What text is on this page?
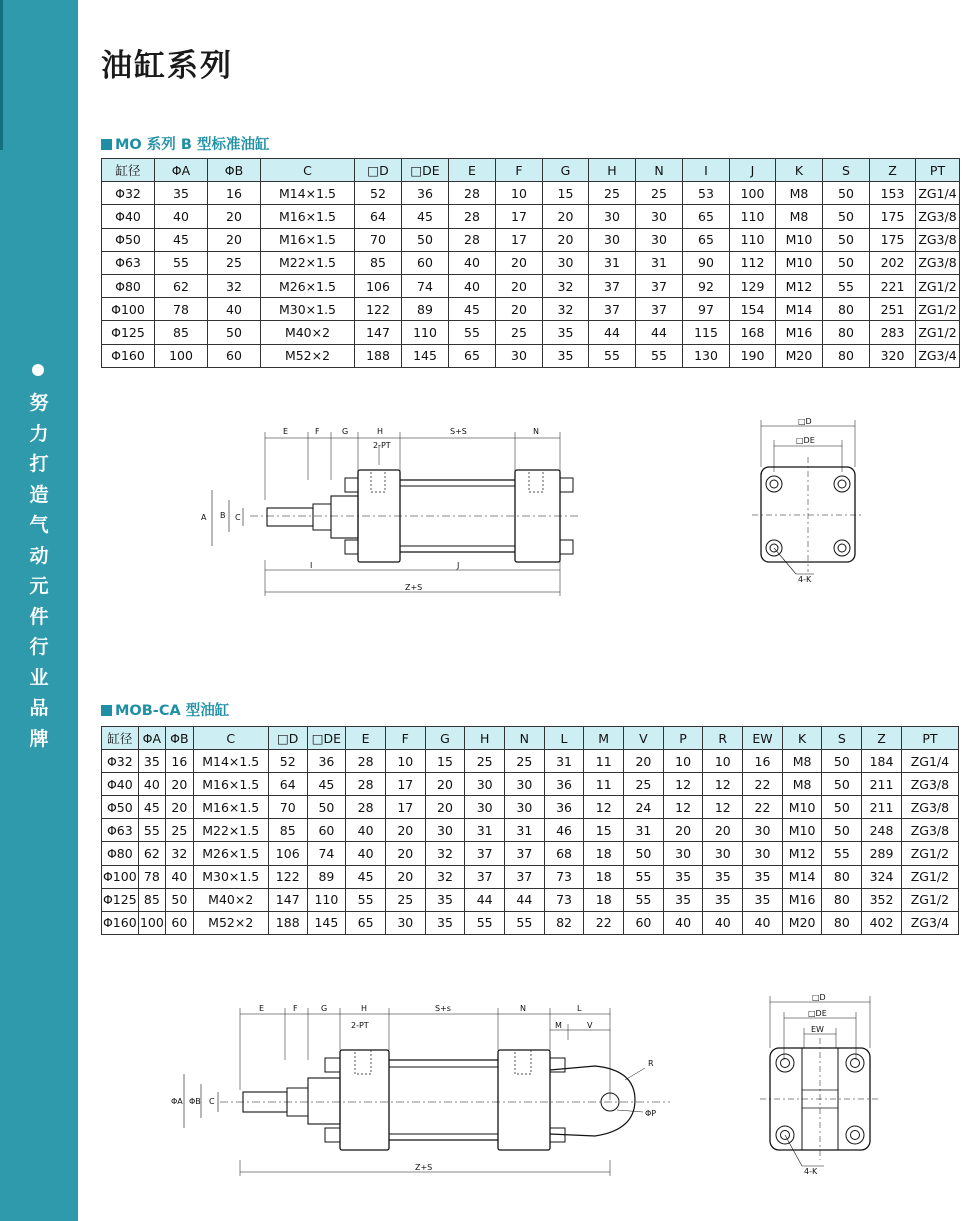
努力打造气动元件行业品牌
油缸系列
MO 系列 B 型标准油缸
缸径	ΦA	ΦB	C	□D	□DE	E	F	G	H	N	I	J	K	S	Z	PT
Φ32	35	16	M14×1.5	52	36	28	10	15	25	25	53	100	M8	50	153	ZG1/4
Φ40	40	20	M16×1.5	64	45	28	17	20	30	30	65	110	M8	50	175	ZG3/8
Φ50	45	20	M16×1.5	70	50	28	17	20	30	30	65	110	M10	50	175	ZG3/8
Φ63	55	25	M22×1.5	85	60	40	20	30	31	31	90	112	M10	50	202	ZG3/8
Φ80	62	32	M26×1.5	106	74	40	20	32	37	37	92	129	M12	55	221	ZG1/2
Φ100	78	40	M30×1.5	122	89	45	20	32	37	37	97	154	M14	80	251	ZG1/2
Φ125	85	50	M40×2	147	110	55	25	35	44	44	115	168	M16	80	283	ZG1/2
Φ160	100	60	M52×2	188	145	65	30	35	55	55	130	190	M20	80	320	ZG3/4
E	F	G	H	S+S	N
2-PT
A B C
I	J
Z+S
□D
□DE
4-K
MOB-CA 型油缸
缸径	ΦA	ΦB	C	□D	□DE	E	F	G	H	N	L	M	V	P	R	EW	K	S	Z	PT
Φ32	35	16	M14×1.5	52	36	28	10	15	25	25	31	11	20	10	10	16	M8	50	184	ZG1/4
Φ40	40	20	M16×1.5	64	45	28	17	20	30	30	36	11	25	12	12	22	M8	50	211	ZG3/8
Φ50	45	20	M16×1.5	70	50	28	17	20	30	30	36	12	24	12	12	22	M10	50	211	ZG3/8
Φ63	55	25	M22×1.5	85	60	40	20	30	31	31	46	15	31	20	20	30	M10	50	248	ZG3/8
Φ80	62	32	M26×1.5	106	74	40	20	32	37	37	68	18	50	30	30	30	M12	55	289	ZG1/2
Φ100	78	40	M30×1.5	122	89	45	20	32	37	37	73	18	55	35	35	35	M14	80	324	ZG1/2
Φ125	85	50	M40×2	147	110	55	25	35	44	44	73	18	55	35	35	35	M16	80	352	ZG1/2
Φ160	100	60	M52×2	188	145	65	30	35	55	55	82	22	60	40	40	40	M20	80	402	ZG3/4
E	F	G	H	S+s	N	L
M	V
2-PT
R
ΦP
ΦA ΦB C
Z+S
□D
□DE
EW
4-K
